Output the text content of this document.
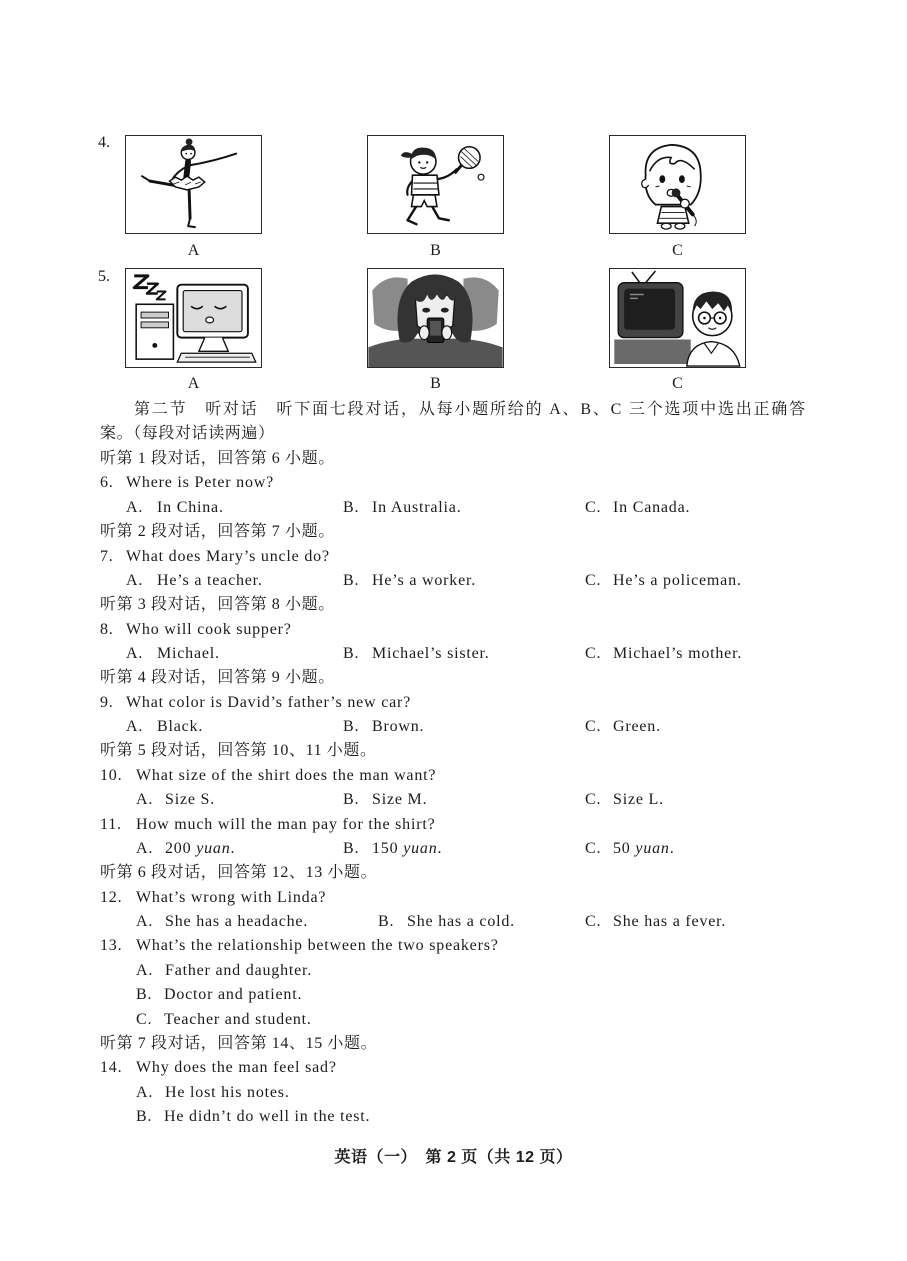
4.
A	B	C
5.
A	B	C
第二节　听对话　听下面七段对话，从每小题所给的 A、B、C 三个选项中选出正确答
案。（每段对话读两遍）
听第 1 段对话，回答第 6 小题。
6. Where is Peter now?
A. In China.	B. In Australia.	C. In Canada.
听第 2 段对话，回答第 7 小题。
7. What does Mary’s uncle do?
A. He’s a teacher.	B. He’s a worker.	C. He’s a policeman.
听第 3 段对话，回答第 8 小题。
8. Who will cook supper?
A. Michael.	B. Michael’s sister.	C. Michael’s mother.
听第 4 段对话，回答第 9 小题。
9. What color is David’s father’s new car?
A. Black.	B. Brown.	C. Green.
听第 5 段对话，回答第 10、11 小题。
10. What size of the shirt does the man want?
A. Size S.	B. Size M.	C. Size L.
11. How much will the man pay for the shirt?
A. 200 yuan.	B. 150 yuan.	C. 50 yuan.
听第 6 段对话，回答第 12、13 小题。
12. What’s wrong with Linda?
A. She has a headache.	B. She has a cold.	C. She has a fever.
13. What’s the relationship between the two speakers?
A. Father and daughter.
B. Doctor and patient.
C. Teacher and student.
听第 7 段对话，回答第 14、15 小题。
14. Why does the man feel sad?
A. He lost his notes.
B. He didn’t do well in the test.
英语（一）　第 2 页（共 12 页）
